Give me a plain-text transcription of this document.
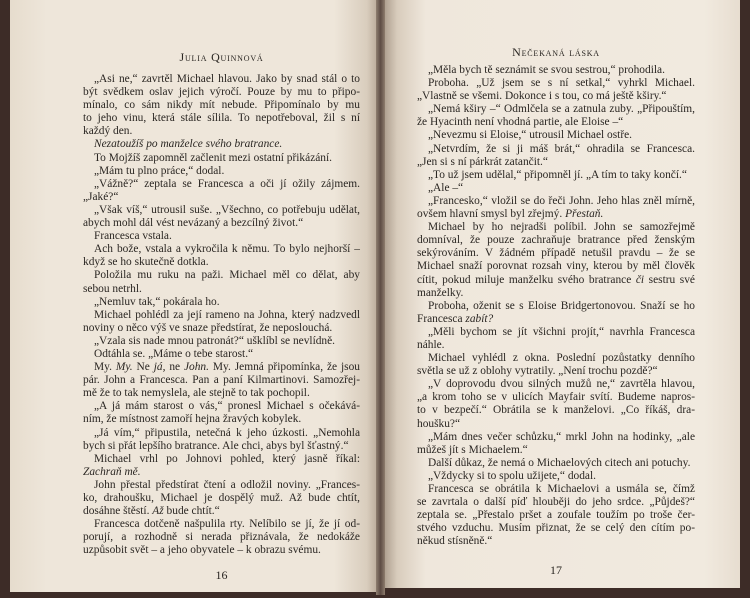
Julia Quinnová
„Asi ne,“ zavrtěl Michael hlavou. Jako by snad stál o to
být svědkem oslav jejich výročí. Pouze by mu to připo-
mínalo, co sám nikdy mít nebude. Připomínalo by mu
to jeho vinu, která stále sílila. To nepotřeboval, žil s ní
každý den.
Nezatoužíš po manželce svého bratrance.
To Mojžíš zapomněl začlenit mezi ostatní přikázání.
„Mám tu plno práce,“ dodal.
„Vážně?“ zeptala se Francesca a oči jí ožily zájmem.
„Jaké?“
„Však víš,“ utrousil suše. „Všechno, co potřebuju udělat,
abych mohl dál vést nevázaný a bezcílný život.“
Francesca vstala.
Ach bože, vstala a vykročila k němu. To bylo nejhorší –
když se ho skutečně dotkla.
Položila mu ruku na paži. Michael měl co dělat, aby
sebou netrhl.
„Nemluv tak,“ pokárala ho.
Michael pohlédl za její rameno na Johna, který nadzvedl
noviny o něco výš ve snaze předstírat, že neposlouchá.
„Vzala sis nade mnou patronát?“ ušklíbl se nevlídně.
Odtáhla se. „Máme o tebe starost.“
My. My. Ne já, ne John. My. Jemná připomínka, že jsou
pár. John a Francesca. Pan a paní Kilmartinovi. Samozřej-
mě že to tak nemyslela, ale stejně to tak pochopil.
„A já mám starost o vás,“ pronesl Michael s očekává-
ním, že místnost zamoří hejna žravých kobylek.
„Já vím,“ připustila, netečná k jeho úzkosti. „Nemohla
bych si přát lepšího bratrance. Ale chci, abys byl šťastný.“
Michael vrhl po Johnovi pohled, který jasně říkal:
Zachraň mě.
John přestal předstírat čtení a odložil noviny. „Frances-
ko, drahoušku, Michael je dospělý muž. Až bude chtít,
dosáhne štěstí. Až bude chtít.“
Francesca dotčeně našpulila rty. Nelíbilo se jí, že jí od-
porují, a rozhodně si nerada přiznávala, že nedokáže
uzpůsobit svět – a jeho obyvatele – k obrazu svému.
16
Nečekaná láska
„Měla bych tě seznámit se svou sestrou,“ prohodila.
Proboha. „Už jsem se s ní setkal,“ vyhrkl Michael.
„Vlastně se všemi. Dokonce i s tou, co má ještě kširy.“
„Nemá kširy –“ Odmlčela se a zatnula zuby. „Připouštím,
že Hyacinth není vhodná partie, ale Eloise –“
„Nevezmu si Eloise,“ utrousil Michael ostře.
„Netvrdím, že si ji máš brát,“ ohradila se Francesca.
„Jen si s ní párkrát zatančit.“
„To už jsem udělal,“ připomněl jí. „A tím to taky končí.“
„Ale –“
„Francesko,“ vložil se do řeči John. Jeho hlas zněl mírně,
ovšem hlavní smysl byl zřejmý. Přestaň.
Michael by ho nejradši políbil. John se samozřejmě
domníval, že pouze zachraňuje bratrance před ženským
sekýrováním. V žádném případě netušil pravdu – že se
Michael snaží porovnat rozsah viny, kterou by měl člověk
cítit, pokud miluje manželku svého bratrance či sestru své
manželky.
Proboha, oženit se s Eloise Bridgertonovou. Snaží se ho
Francesca zabít?
„Měli bychom se jít všichni projít,“ navrhla Francesca
náhle.
Michael vyhlédl z okna. Poslední pozůstatky denního
světla se už z oblohy vytratily. „Není trochu pozdě?“
„V doprovodu dvou silných mužů ne,“ zavrtěla hlavou,
„a krom toho se v ulicích Mayfair svítí. Budeme napros-
to v bezpečí.“ Obrátila se k manželovi. „Co říkáš, dra-
houšku?“
„Mám dnes večer schůzku,“ mrkl John na hodinky, „ale
můžeš jít s Michaelem.“
Další důkaz, že nemá o Michaelových citech ani potuchy.
„Vždycky si to spolu užijete,“ dodal.
Francesca se obrátila k Michaelovi a usmála se, čímž
se zavrtala o další píď hlouběji do jeho srdce. „Půjdeš?“
zeptala se. „Přestalo pršet a zoufale toužím po troše čer-
stvého vzduchu. Musím přiznat, že se celý den cítím po-
někud stísněně.“
17
